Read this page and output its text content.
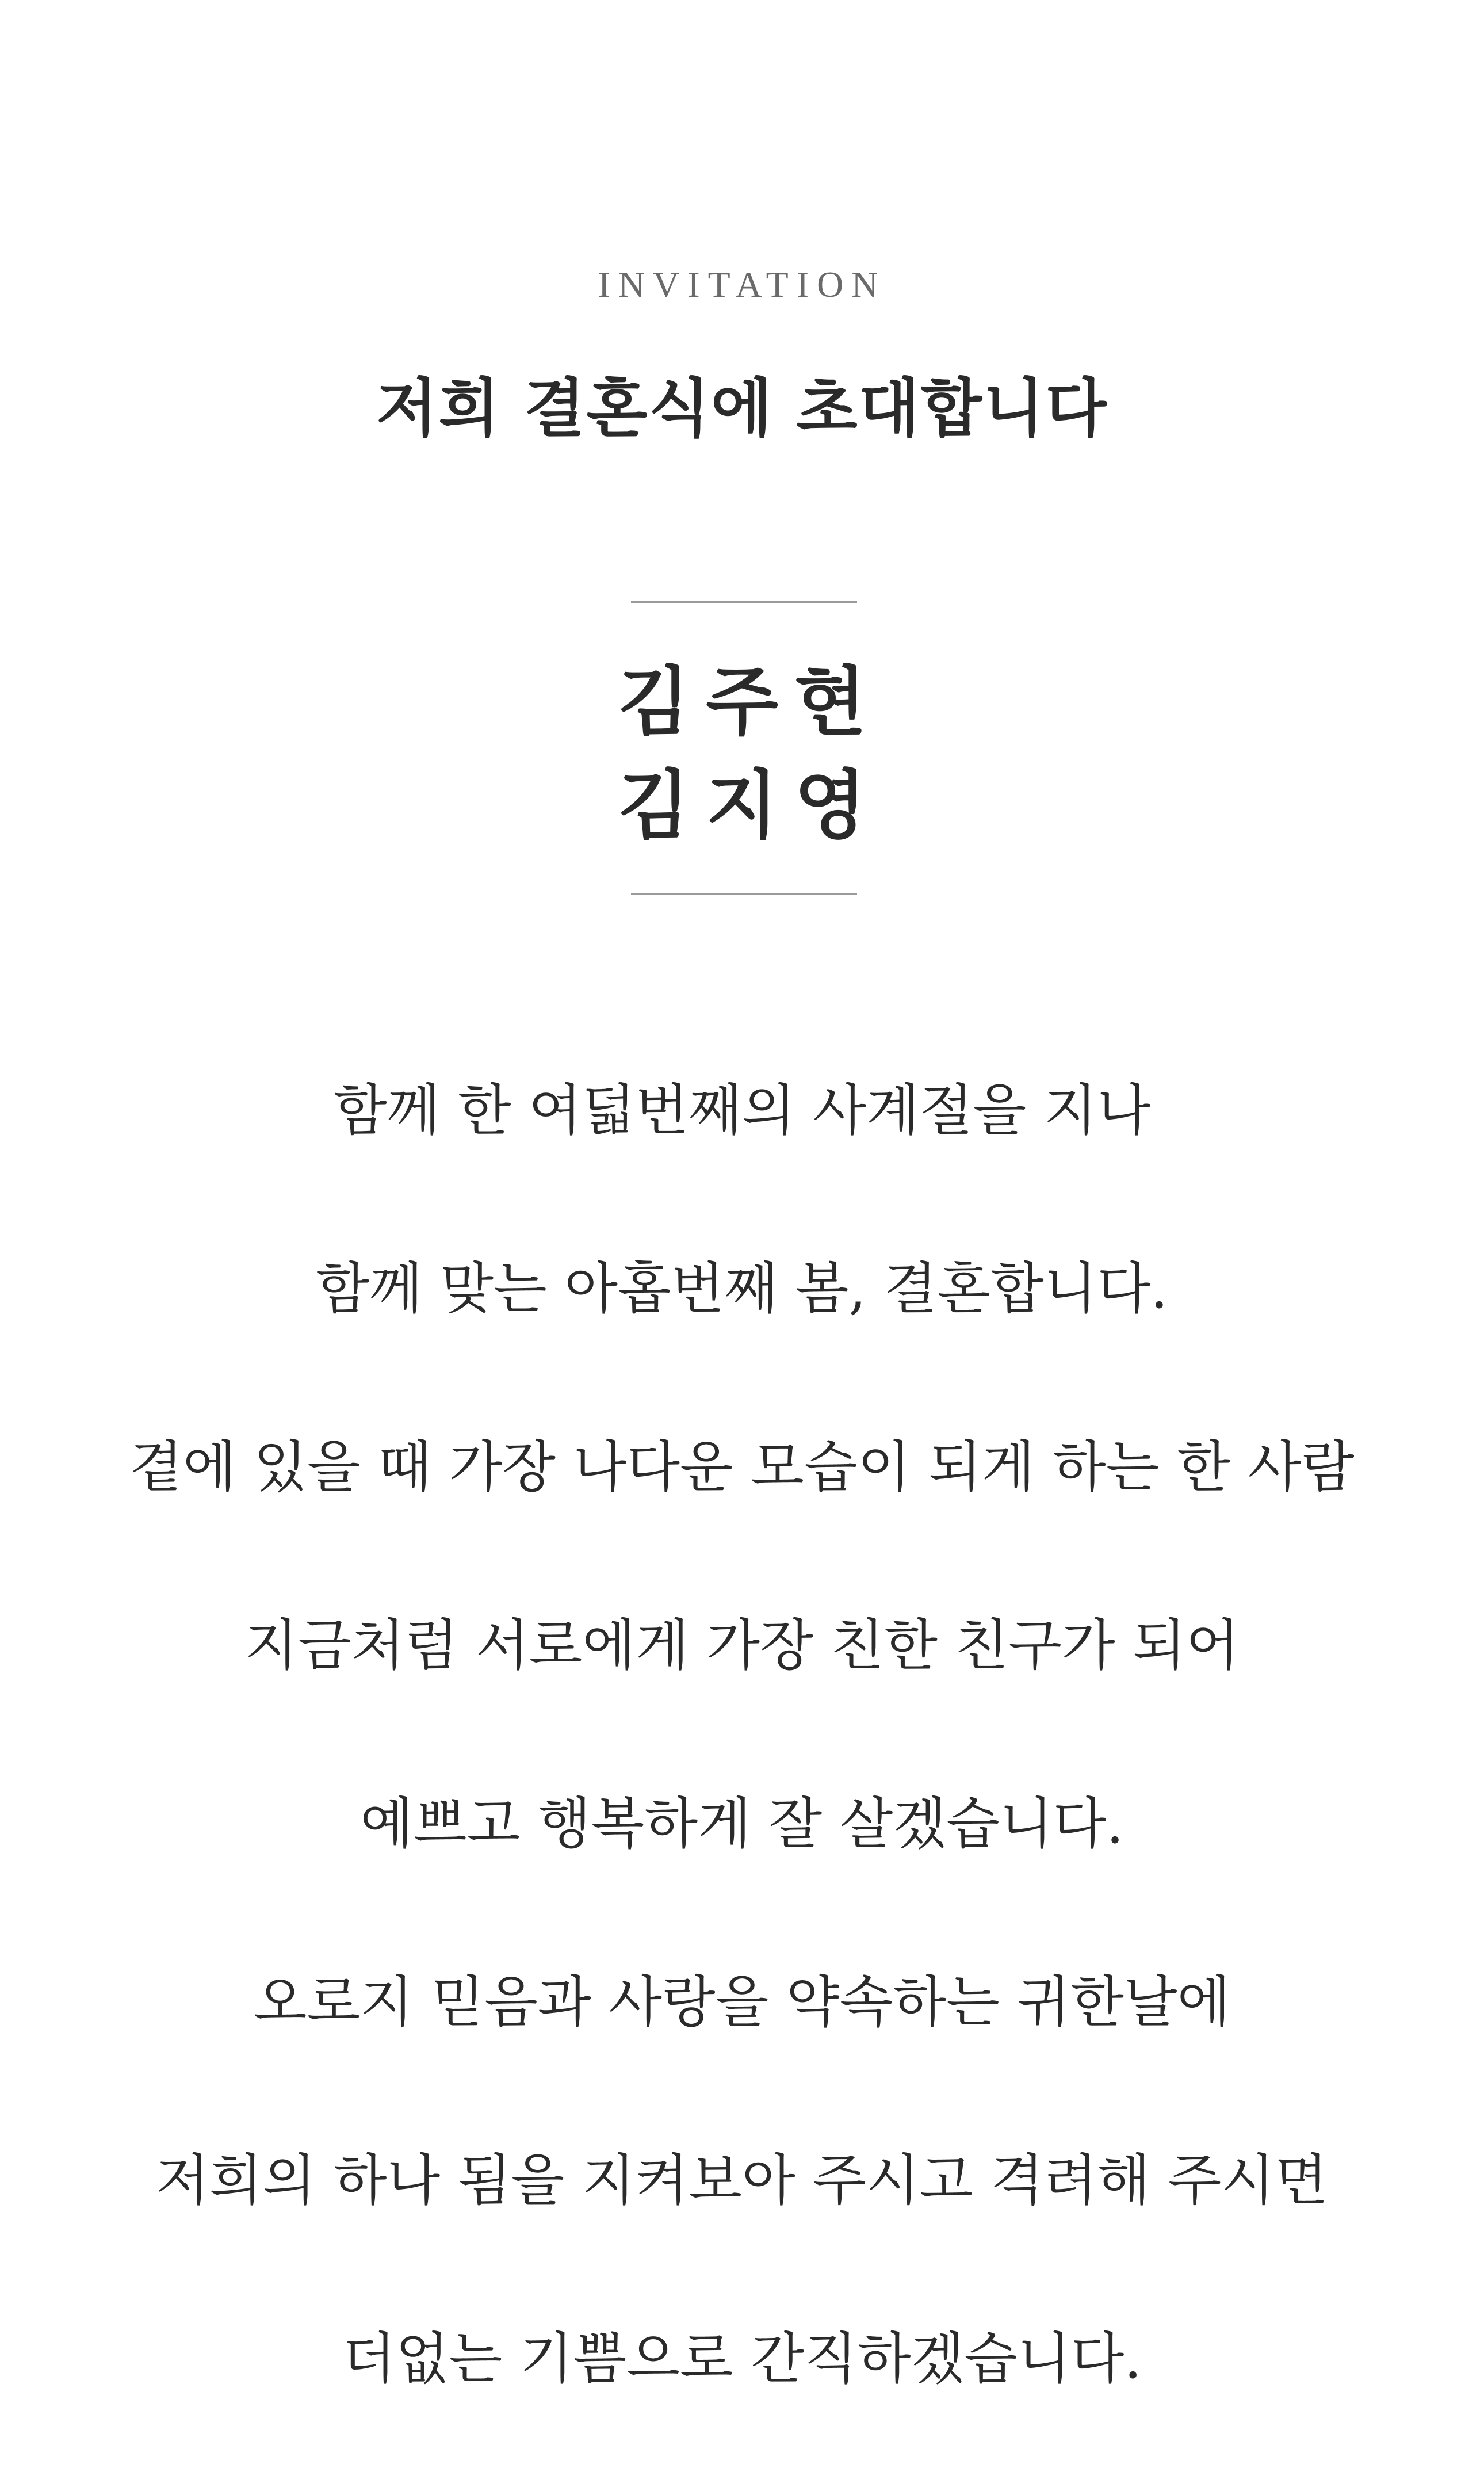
INVITATION
저희 결혼식에 초대합니다
김주현
김지영
함께 한 여덟번째의 사계절을 지나
함께 맞는 아홉번째 봄, 결혼합니다.
곁에 있을 때 가장 나다운 모습이 되게 하는 한 사람
지금처럼 서로에게 가장 친한 친구가 되어
예쁘고 행복하게 잘 살겠습니다.
오로지 믿음과 사랑을 약속하는 귀한날에
저희의 하나 됨을 지켜보아 주시고 격려해 주시면
더없는 기쁨으로 간직하겠습니다.
